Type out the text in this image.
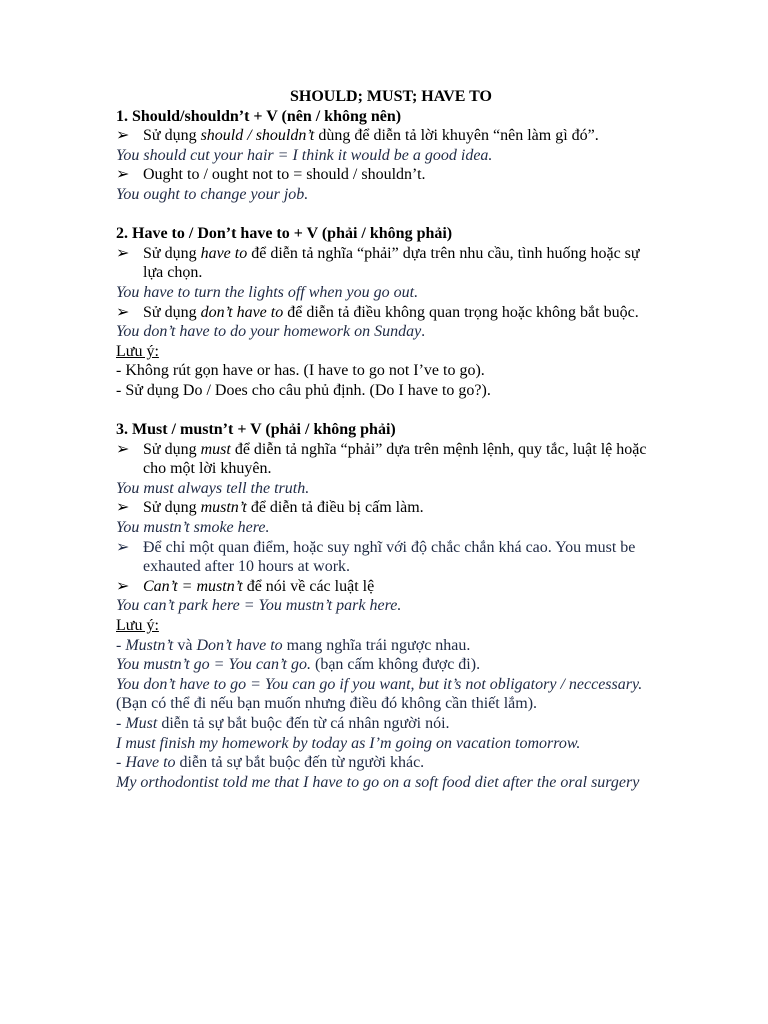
SHOULD; MUST; HAVE TO
1. Should/shouldn’t + V (nên / không nên)
➢ Sử dụng should / shouldn’t dùng để diễn tả lời khuyên “nên làm gì đó”.
You should cut your hair = I think it would be a good idea.
➢ Ought to / ought not to = should / shouldn’t.
You ought to change your job.
2. Have to / Don’t have to + V (phải / không phải)
➢ Sử dụng have to để diễn tả nghĩa “phải” dựa trên nhu cầu, tình huống hoặc sự lựa chọn.
You have to turn the lights off when you go out.
➢ Sử dụng don’t have to để diễn tả điều không quan trọng hoặc không bắt buộc.
You don’t have to do your homework on Sunday.
Lưu ý:
- Không rút gọn have or has. (I have to go not I’ve to go).
- Sử dụng Do / Does cho câu phủ định. (Do I have to go?).
3. Must / mustn’t + V (phải / không phải)
➢ Sử dụng must để diễn tả nghĩa “phải” dựa trên mệnh lệnh, quy tắc, luật lệ hoặc cho một lời khuyên.
You must always tell the truth.
➢ Sử dụng mustn’t để diễn tả điều bị cấm làm.
You mustn’t smoke here.
➢ Để chỉ một quan điểm, hoặc suy nghĩ với độ chắc chắn khá cao. You must be exhauted after 10 hours at work.
➢ Can’t = mustn’t để nói về các luật lệ
You can’t park here = You mustn’t park here.
Lưu ý:
- Mustn’t và Don’t have to mang nghĩa trái ngược nhau.
You mustn’t go = You can’t go. (bạn cấm không được đi).
You don’t have to go = You can go if you want, but it’s not obligatory / neccessary. (Bạn có thể đi nếu bạn muốn nhưng điều đó không cần thiết lắm).
- Must diễn tả sự bắt buộc đến từ cá nhân người nói.
I must finish my homework by today as I’m going on vacation tomorrow.
- Have to diễn tả sự bắt buộc đến từ người khác.
My orthodontist told me that I have to go on a soft food diet after the oral surgery
